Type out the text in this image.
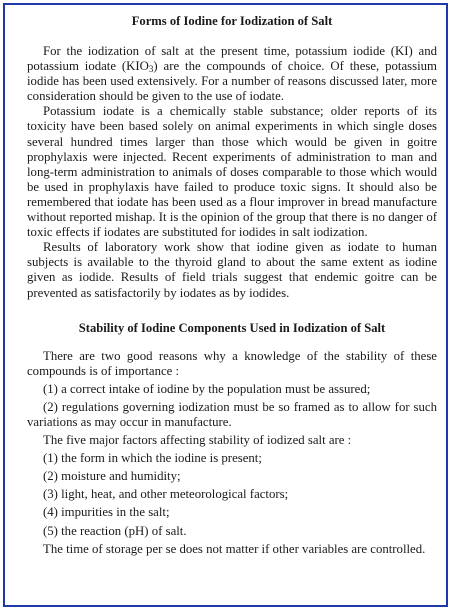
Forms of Iodine for Iodization of Salt

For the iodization of salt at the present time, potassium iodide (KI) and potassium iodate $(KIO_3)$ are the compounds of choice. Of these, potassium iodide has been used extensively. For a number of reasons discussed later, more consideration should be given to the use of iodate.

Potassium iodate is a chemically stable substance; older reports of its toxicity have been based solely on animal experiments in which single doses several hundred times larger than those which would be given in goitre prophylaxis were injected. Recent experiments of administration to man and long-term administration to animals of doses comparable to those which would be used in prophylaxis have failed to produce toxic signs. It should also be remembered that iodate has been used as a flour improver in bread manufacture without reported mishap. It is the opinion of the group that there is no danger of toxic effects if iodates are substituted for iodides in salt iodization.

Results of laboratory work show that iodine given as iodate to human subjects is available to the thyroid gland to about the same extent as iodine given as iodide. Results of field trials suggest that endemic goitre can be prevented as satisfactorily by iodates as by iodides.

Stability of Iodine Components Used in Iodization of Salt

There are two good reasons why a knowledge of the stability of these compounds is of importance :

(1) a correct intake of iodine by the population must be assured;

(2) regulations governing iodization must be so framed as to allow for such variations as may occur in manufacture.

The five major factors affecting stability of iodized salt are :

(1) the form in which the iodine is present;

(2) moisture and humidity;

(3) light, heat, and other meteorological factors;

(4) impurities in the salt;

(5) the reaction (pH) of salt.

The time of storage per se does not matter if other variables are controlled.
